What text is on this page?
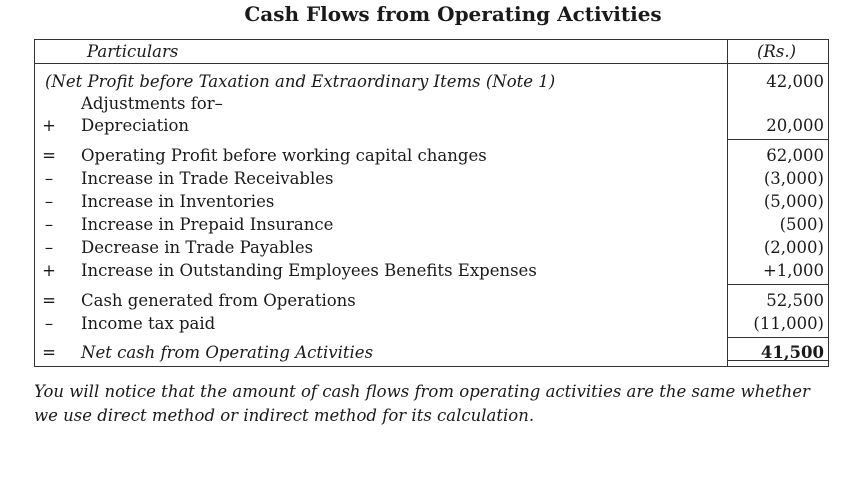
Cash Flows from Operating Activities
Particulars	(Rs.)
(Net Profit before Taxation and Extraordinary Items (Note 1)	42,000
Adjustments for–
+ Depreciation	20,000
= Operating Profit before working capital changes	62,000
– Increase in Trade Receivables	(3,000)
– Increase in Inventories	(5,000)
– Increase in Prepaid Insurance	(500)
– Decrease in Trade Payables	(2,000)
+ Increase in Outstanding Employees Benefits Expenses	+1,000
= Cash generated from Operations	52,500
– Income tax paid	(11,000)
= Net cash from Operating Activities	41,500
You will notice that the amount of cash flows from operating activities are the same whether we use direct method or indirect method for its calculation.
